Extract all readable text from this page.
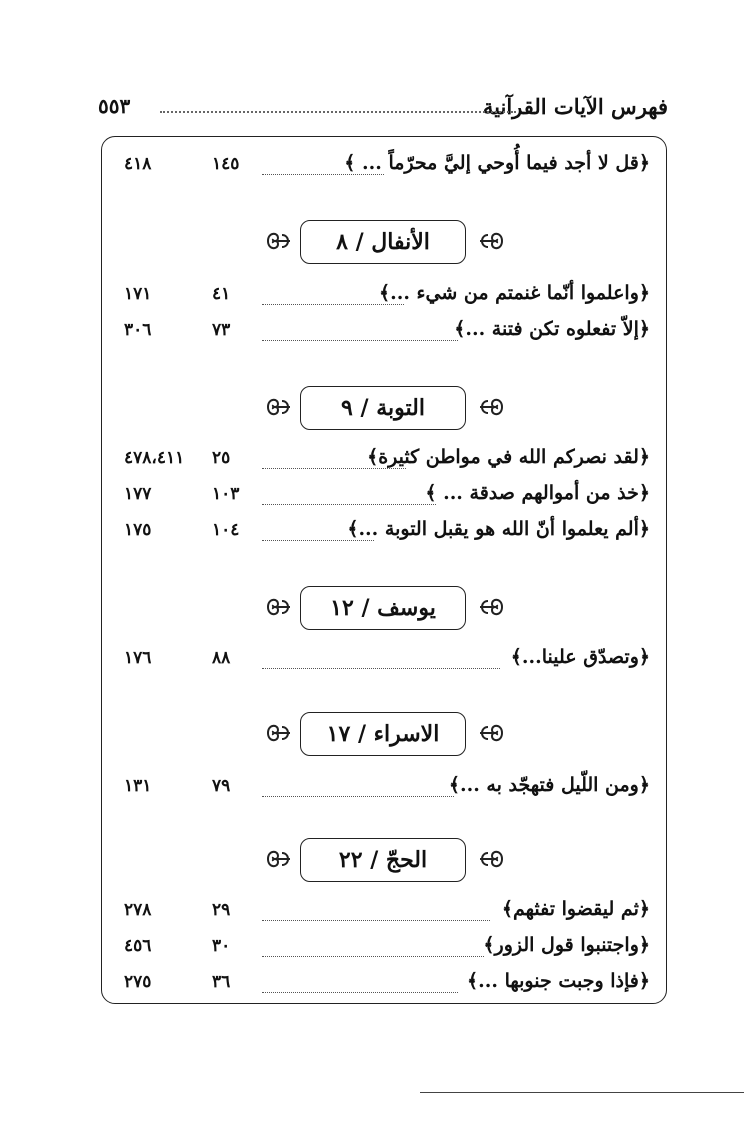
فهرس الآيات القرآنية
٥٥٣
﴿قل لا أجد فيما أُوحي إليَّ محرّماً ... ﴾
١٤٥
٤١٨
الأنفال / ٨
﴿واعلموا أنّما غنمتم من شيء ...﴾
٤١
١٧١
﴿إلاّ تفعلوه تكن فتنة ...﴾
٧٣
٣٠٦
التوبة / ٩
﴿لقد نصركم الله في مواطن كثيرة﴾
٢٥
٤٧٨،٤١١
﴿خذ من أموالهم صدقة ... ﴾
١٠٣
١٧٧
﴿ألم يعلموا أنّ الله هو يقبل التوبة ...﴾
١٠٤
١٧٥
يوسف / ١٢
﴿وتصدّق علينا...﴾
٨٨
١٧٦
الاسراء / ١٧
﴿ومن اللّيل فتهجّد به ...﴾
٧٩
١٣١
الحجّ / ٢٢
﴿ثم ليقضوا تفثهم﴾
٢٩
٢٧٨
﴿واجتنبوا قول الزور﴾
٣٠
٤٥٦
﴿فإذا وجبت جنوبها ...﴾
٣٦
٢٧٥
